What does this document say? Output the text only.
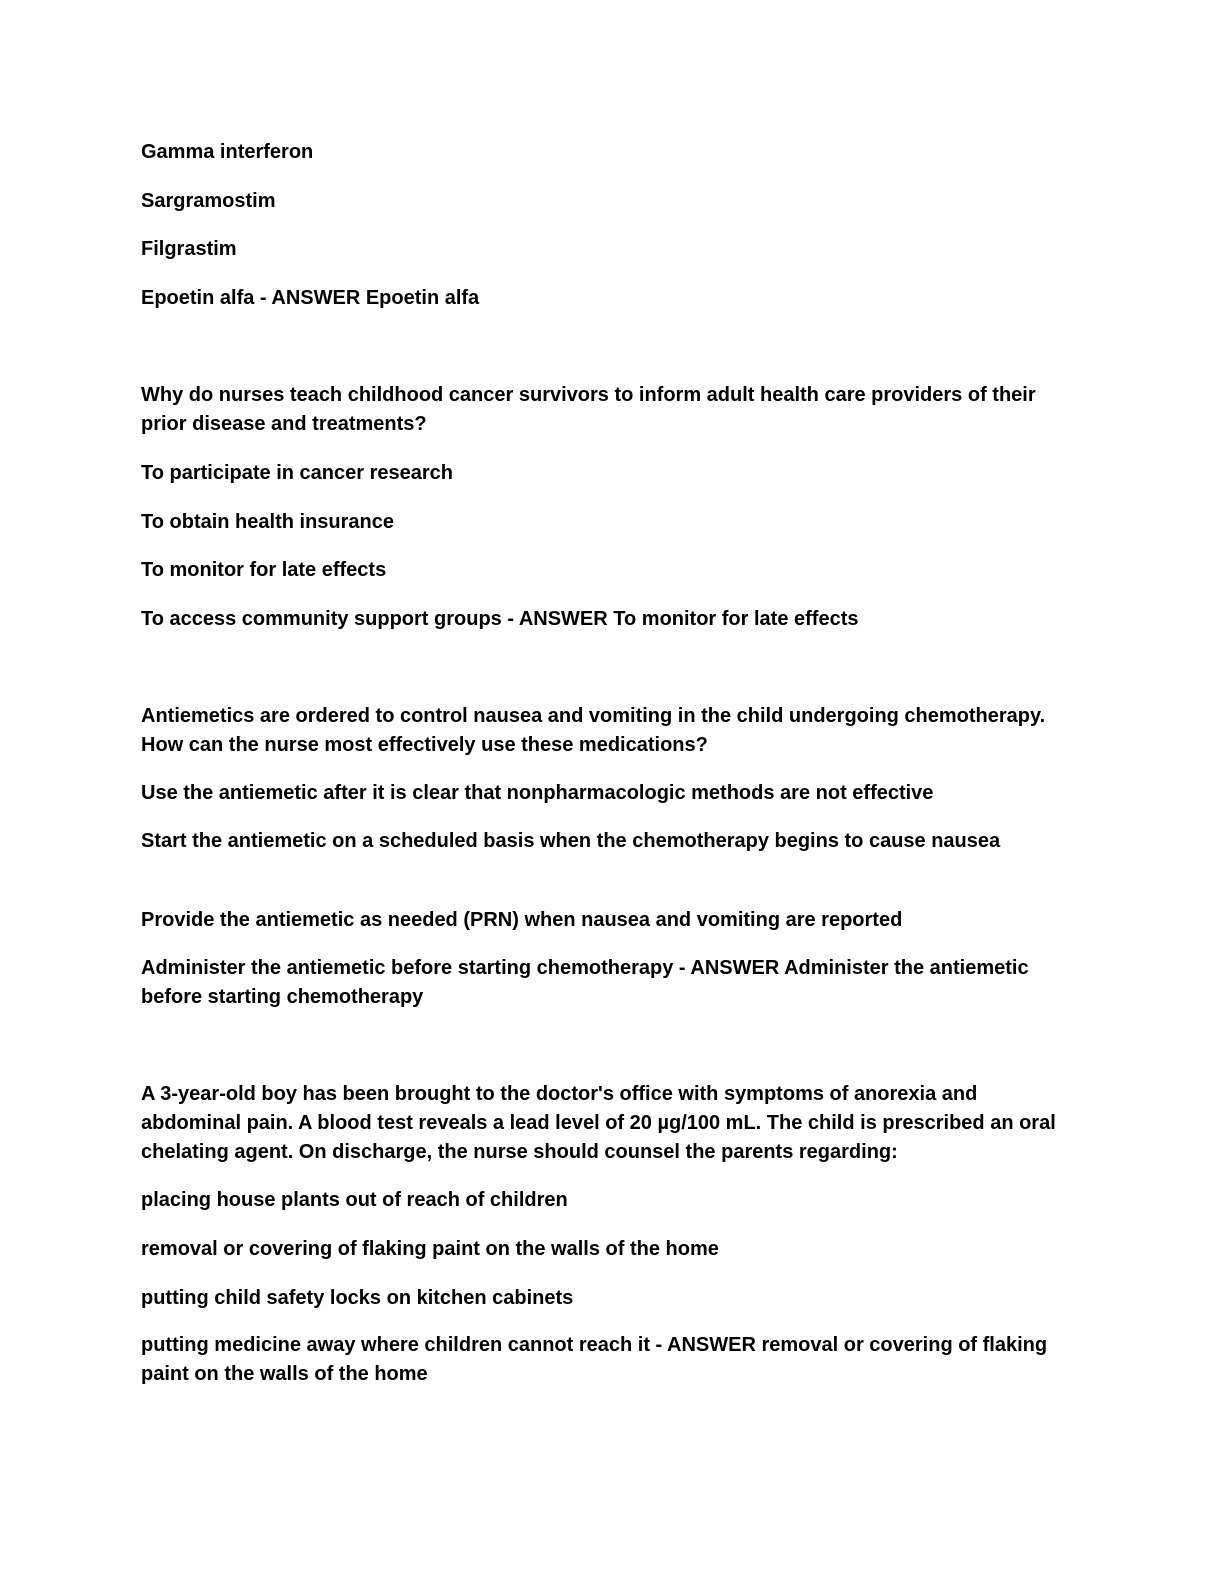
Gamma interferon
Sargramostim
Filgrastim
Epoetin alfa - ANSWER Epoetin alfa
Why do nurses teach childhood cancer survivors to inform adult health care providers of their prior disease and treatments?
To participate in cancer research
To obtain health insurance
To monitor for late effects
To access community support groups - ANSWER To monitor for late effects
Antiemetics are ordered to control nausea and vomiting in the child undergoing chemotherapy. How can the nurse most effectively use these medications?
Use the antiemetic after it is clear that nonpharmacologic methods are not effective
Start the antiemetic on a scheduled basis when the chemotherapy begins to cause nausea
Provide the antiemetic as needed (PRN) when nausea and vomiting are reported
Administer the antiemetic before starting chemotherapy - ANSWER Administer the antiemetic before starting chemotherapy
A 3-year-old boy has been brought to the doctor's office with symptoms of anorexia and abdominal pain. A blood test reveals a lead level of 20 µg/100 mL. The child is prescribed an oral chelating agent. On discharge, the nurse should counsel the parents regarding:
placing house plants out of reach of children
removal or covering of flaking paint on the walls of the home
putting child safety locks on kitchen cabinets
putting medicine away where children cannot reach it - ANSWER removal or covering of flaking paint on the walls of the home
